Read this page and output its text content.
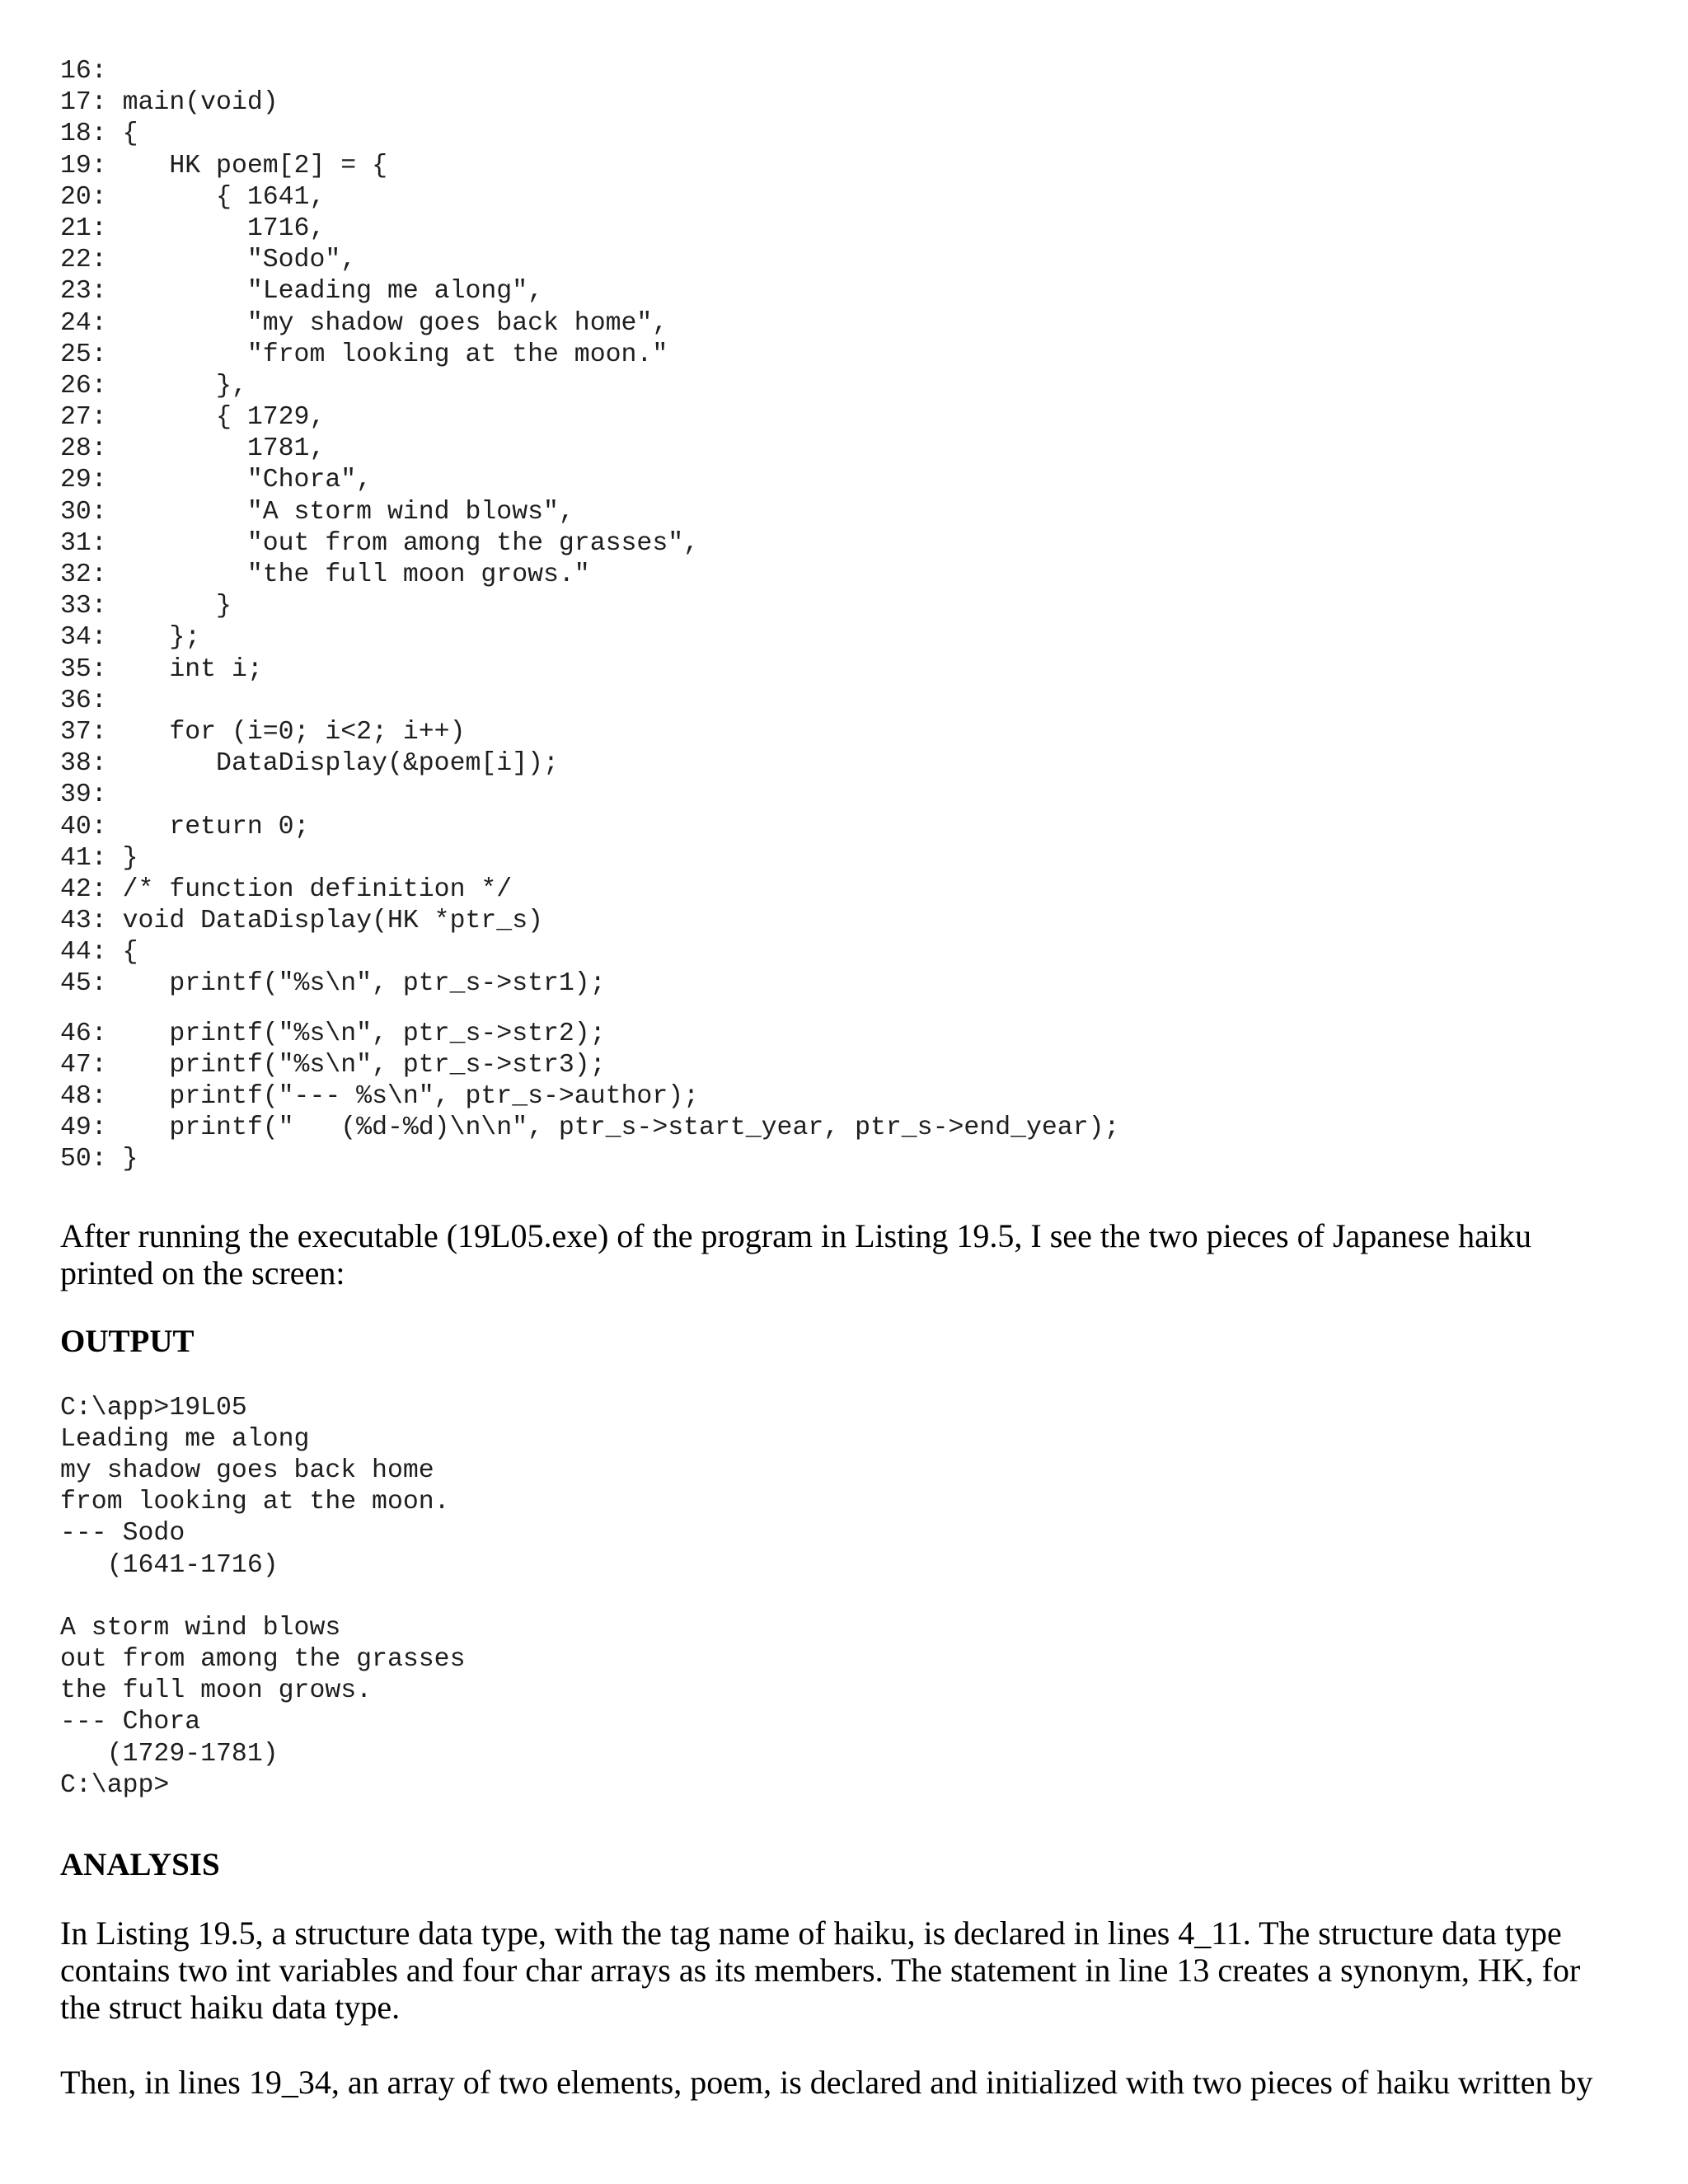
16:
17: main(void)
18: {
19:    HK poem[2] = {
20:       { 1641,
21:         1716,
22:         "Sodo",
23:         "Leading me along",
24:         "my shadow goes back home",
25:         "from looking at the moon."
26:       },
27:       { 1729,
28:         1781,
29:         "Chora",
30:         "A storm wind blows",
31:         "out from among the grasses",
32:         "the full moon grows."
33:       }
34:    };
35:    int i;
36:
37:    for (i=0; i<2; i++)
38:       DataDisplay(&poem[i]);
39:
40:    return 0;
41: }
42: /* function definition */
43: void DataDisplay(HK *ptr_s)
44: {
45:    printf("%s\n", ptr_s->str1);
46:    printf("%s\n", ptr_s->str2);
47:    printf("%s\n", ptr_s->str3);
48:    printf("--- %s\n", ptr_s->author);
49:    printf("   (%d-%d)\n\n", ptr_s->start_year, ptr_s->end_year);
50: }

After running the executable (19L05.exe) of the program in Listing 19.5, I see the two pieces of Japanese haiku printed on the screen:

OUTPUT

C:\app>19L05
Leading me along
my shadow goes back home
from looking at the moon.
--- Sodo
(1641-1716)
A storm wind blows
out from among the grasses
the full moon grows.
--- Chora
(1729-1781)
C:\app>

ANALYSIS

In Listing 19.5, a structure data type, with the tag name of haiku, is declared in lines 4_11. The structure data type contains two int variables and four char arrays as its members. The statement in line 13 creates a synonym, HK, for the struct haiku data type.

Then, in lines 19_34, an array of two elements, poem, is declared and initialized with two pieces of haiku written by
